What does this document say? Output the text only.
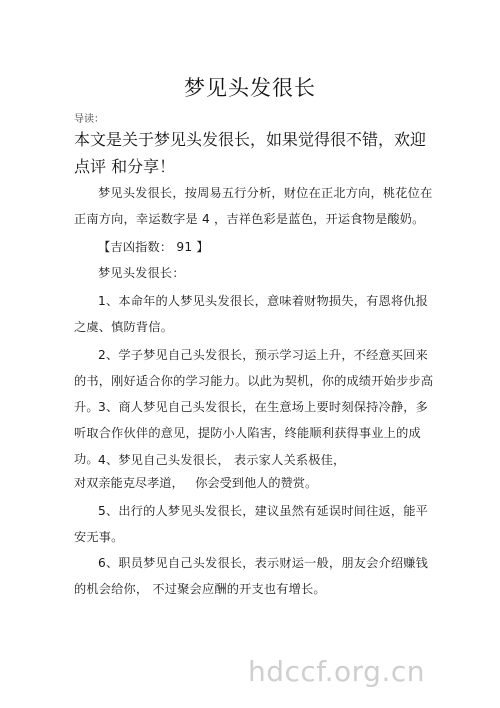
梦见头发很长
导读：
本文是关于梦见头发很长，如果觉得很不错，欢迎点评 和分享！
梦见头发很长，按周易五行分析，财位在正北方向，桃花位在正南方向，幸运数字是 4 ，吉祥色彩是蓝色，开运食物是酸奶。
【吉凶指数： 91 】
梦见头发很长：
1、本命年的人梦见头发很长，意味着财物损失，有恩将仇报之虞、慎防背信。
2、学子梦见自己头发很长，预示学习运上升，不经意买回来的书，刚好适合你的学习能力。以此为契机，你的成绩开始步步高升。 3、商人梦见自己头发很长，在生意场上要时刻保持冷静，多听取合作伙伴的意见，提防小人陷害，终能顺利获得事业上的成功。 4、梦见自己头发很长， 表示家人关系极佳，
对双亲能克尽孝道，   你会受到他人的赞赏。
5、出行的人梦见头发很长，建议虽然有延误时间往返，能平安无事。
6、职员梦见自己头发很长，表示财运一般，朋友会介绍赚钱的机会给你， 不过聚会应酬的开支也有增长。
hdccf.org.cn
